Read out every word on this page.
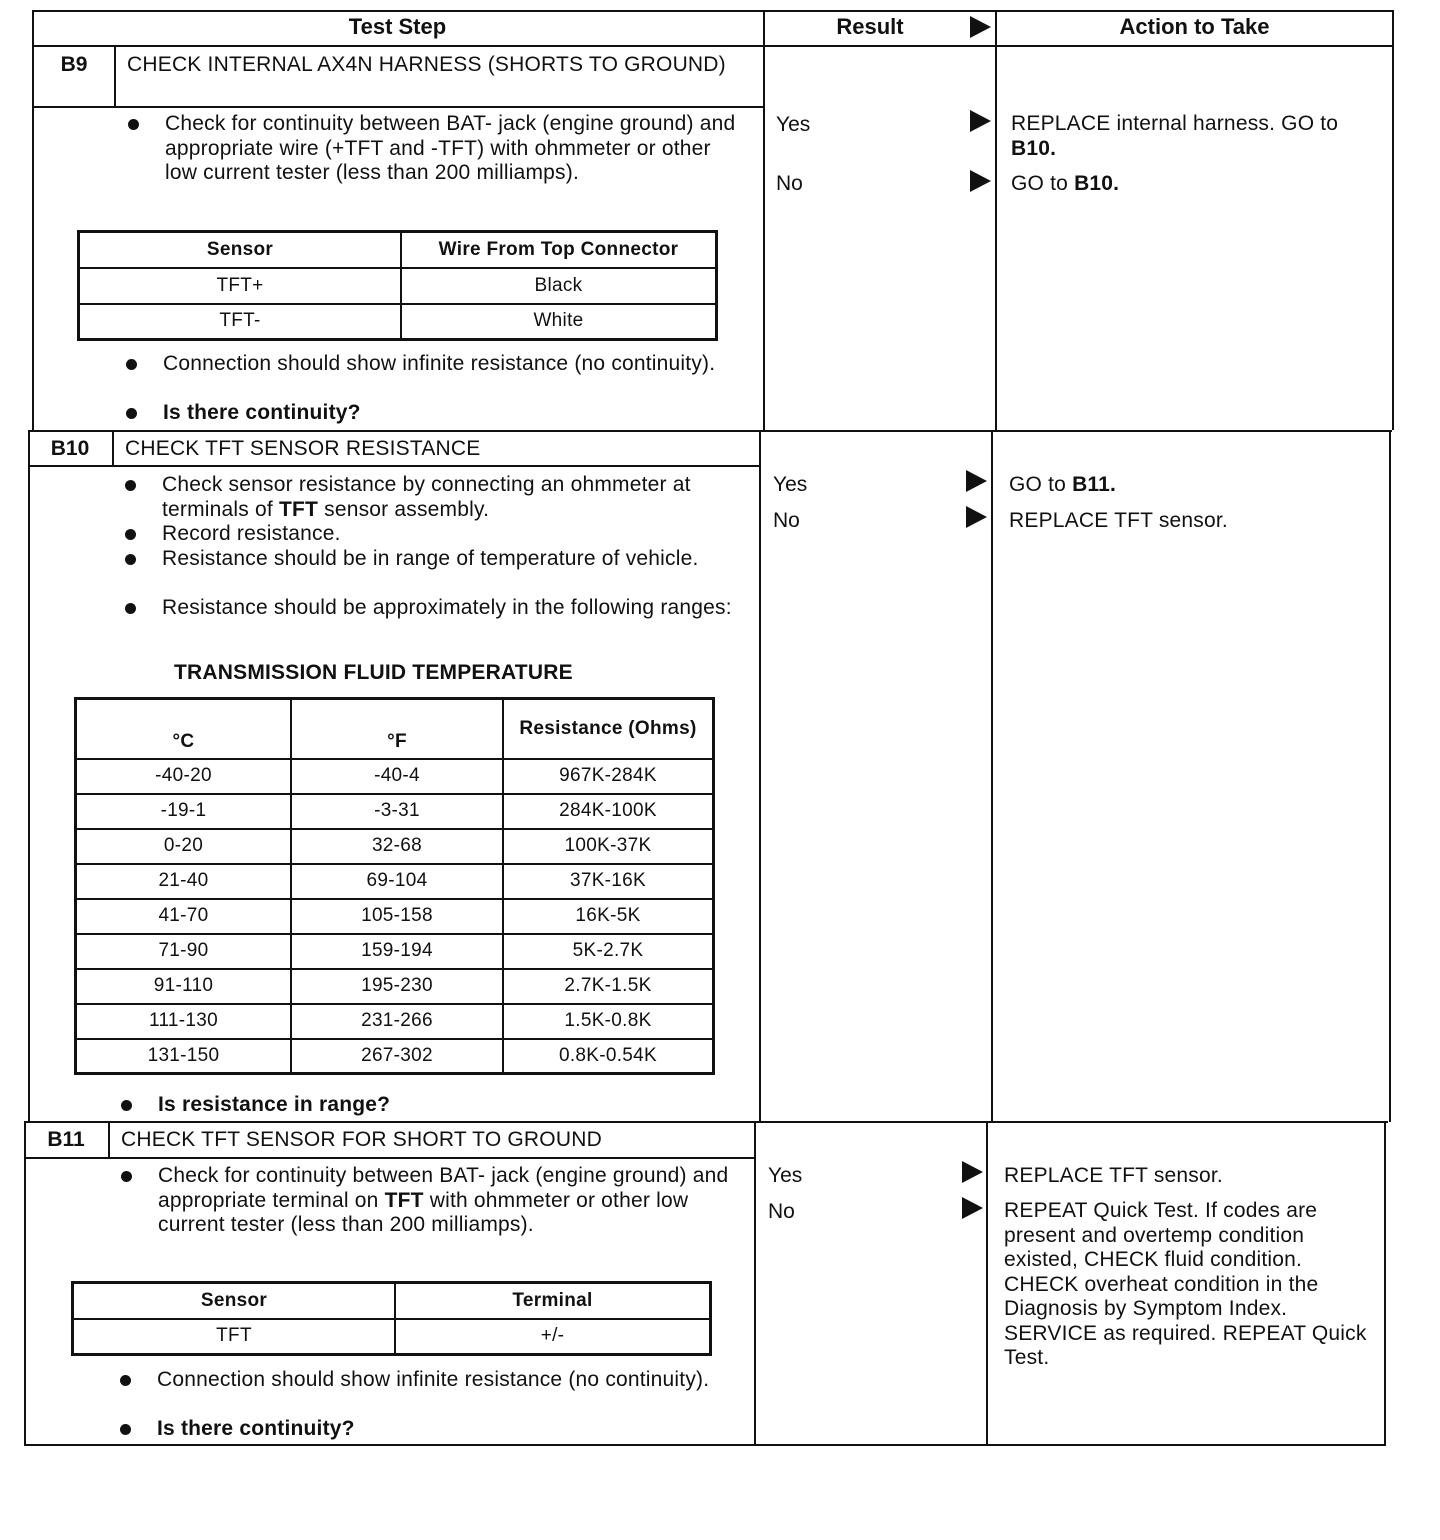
Test Step	Result	Action to Take
B9	CHECK INTERNAL AX4N HARNESS (SHORTS TO GROUND)
Check for continuity between BAT- jack (engine ground) and appropriate wire (+TFT and -TFT) with ohmmeter or other low current tester (less than 200 milliamps).
Sensor	Wire From Top Connector
TFT+	Black
TFT-	White
Connection should show infinite resistance (no continuity).
Is there continuity?
Yes	REPLACE internal harness. GO to B10.
No	GO to B10.
B10	CHECK TFT SENSOR RESISTANCE
Check sensor resistance by connecting an ohmmeter at terminals of TFT sensor assembly.
Record resistance.
Resistance should be in range of temperature of vehicle.
Resistance should be approximately in the following ranges:
TRANSMISSION FLUID TEMPERATURE
°C	°F	Resistance (Ohms)
-40-20	-40-4	967K-284K
-19-1	-3-31	284K-100K
0-20	32-68	100K-37K
21-40	69-104	37K-16K
41-70	105-158	16K-5K
71-90	159-194	5K-2.7K
91-110	195-230	2.7K-1.5K
111-130	231-266	1.5K-0.8K
131-150	267-302	0.8K-0.54K
Is resistance in range?
Yes	GO to B11.
No	REPLACE TFT sensor.
B11	CHECK TFT SENSOR FOR SHORT TO GROUND
Check for continuity between BAT- jack (engine ground) and appropriate terminal on TFT with ohmmeter or other low current tester (less than 200 milliamps).
Sensor	Terminal
TFT	+/-
Connection should show infinite resistance (no continuity).
Is there continuity?
Yes	REPLACE TFT sensor.
No	REPEAT Quick Test. If codes are present and overtemp condition existed, CHECK fluid condition. CHECK overheat condition in the Diagnosis by Symptom Index. SERVICE as required. REPEAT Quick Test.
